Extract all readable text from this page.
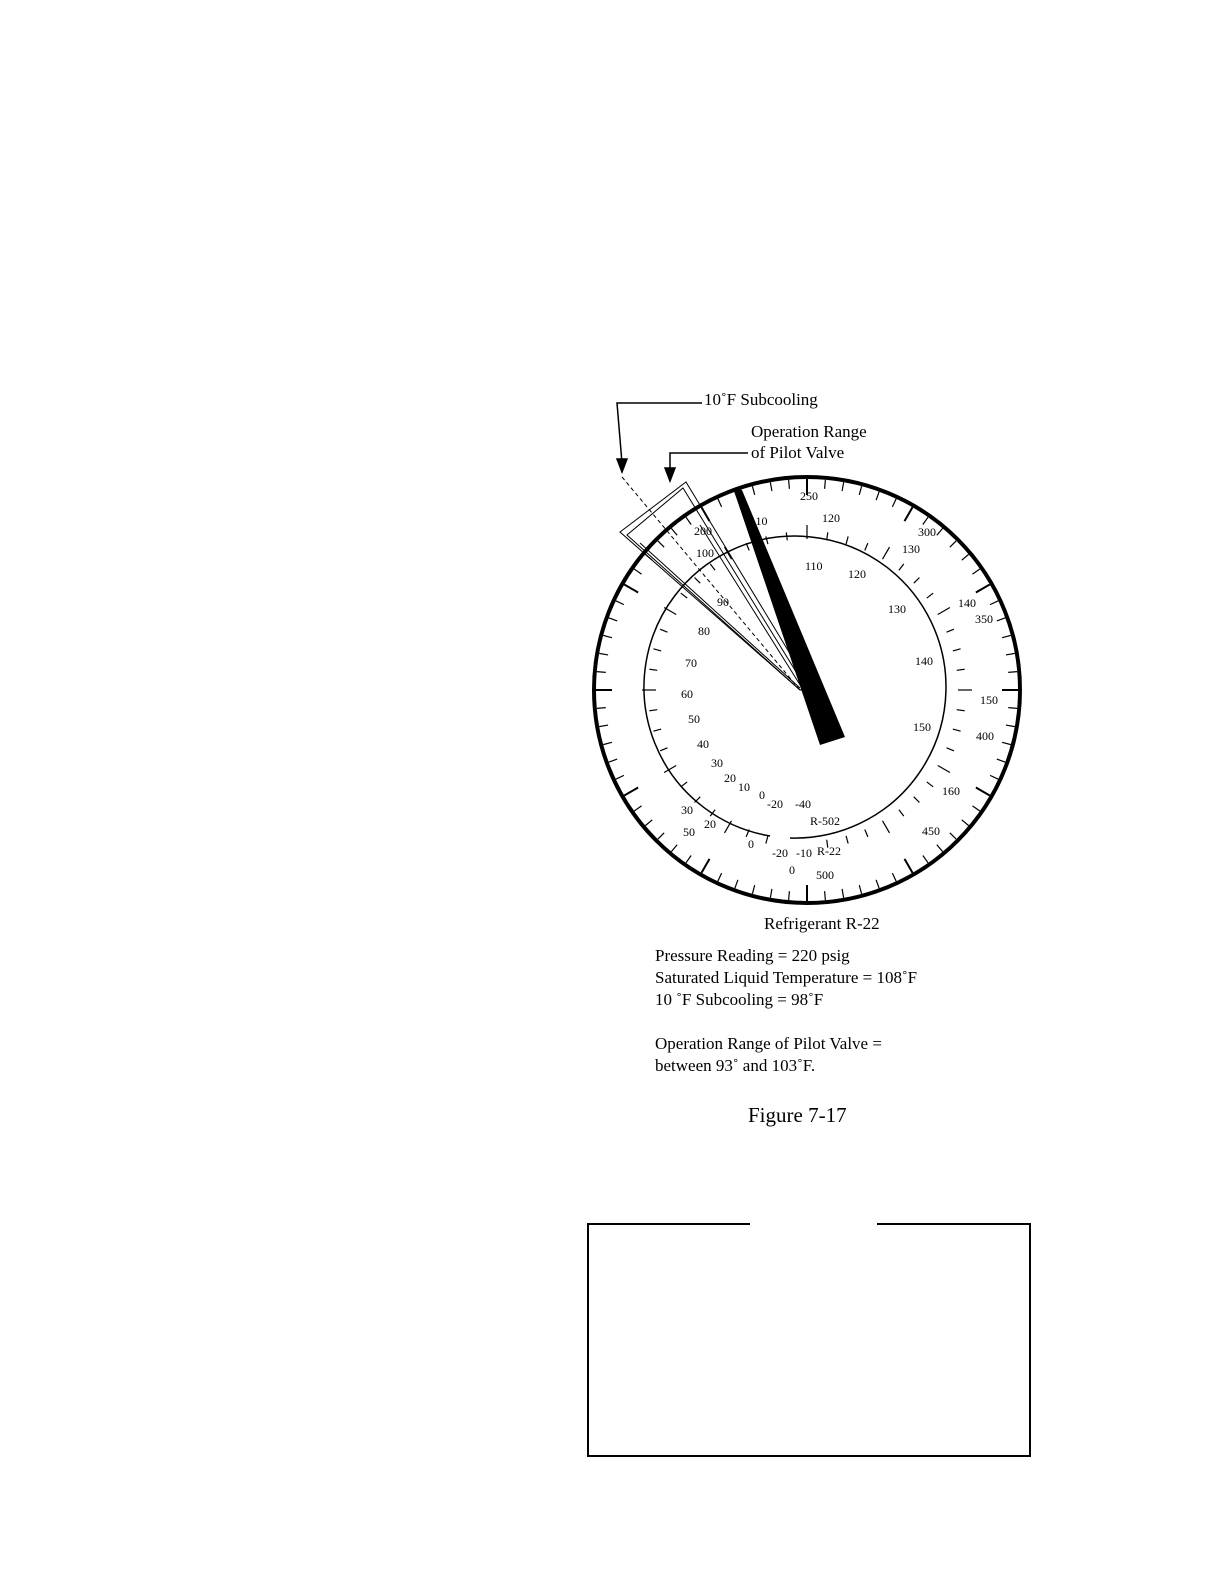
10˚F Subcooling
Operation Range
of Pilot Valve
250
300
350
400
450
500
0
110	120
130
140
150
160
110
120
130
140
150
200
100
90
80
70
60
50
40
30
20
10
0
-20 -40
30
50
20
0
-20 -10
R-502
R-22
Refrigerant R-22
Pressure Reading = 220 psig
Saturated Liquid Temperature = 108˚F
10 ˚F Subcooling = 98˚F

Operation Range of Pilot Valve =
between 93˚ and 103˚F.
Figure 7-17
